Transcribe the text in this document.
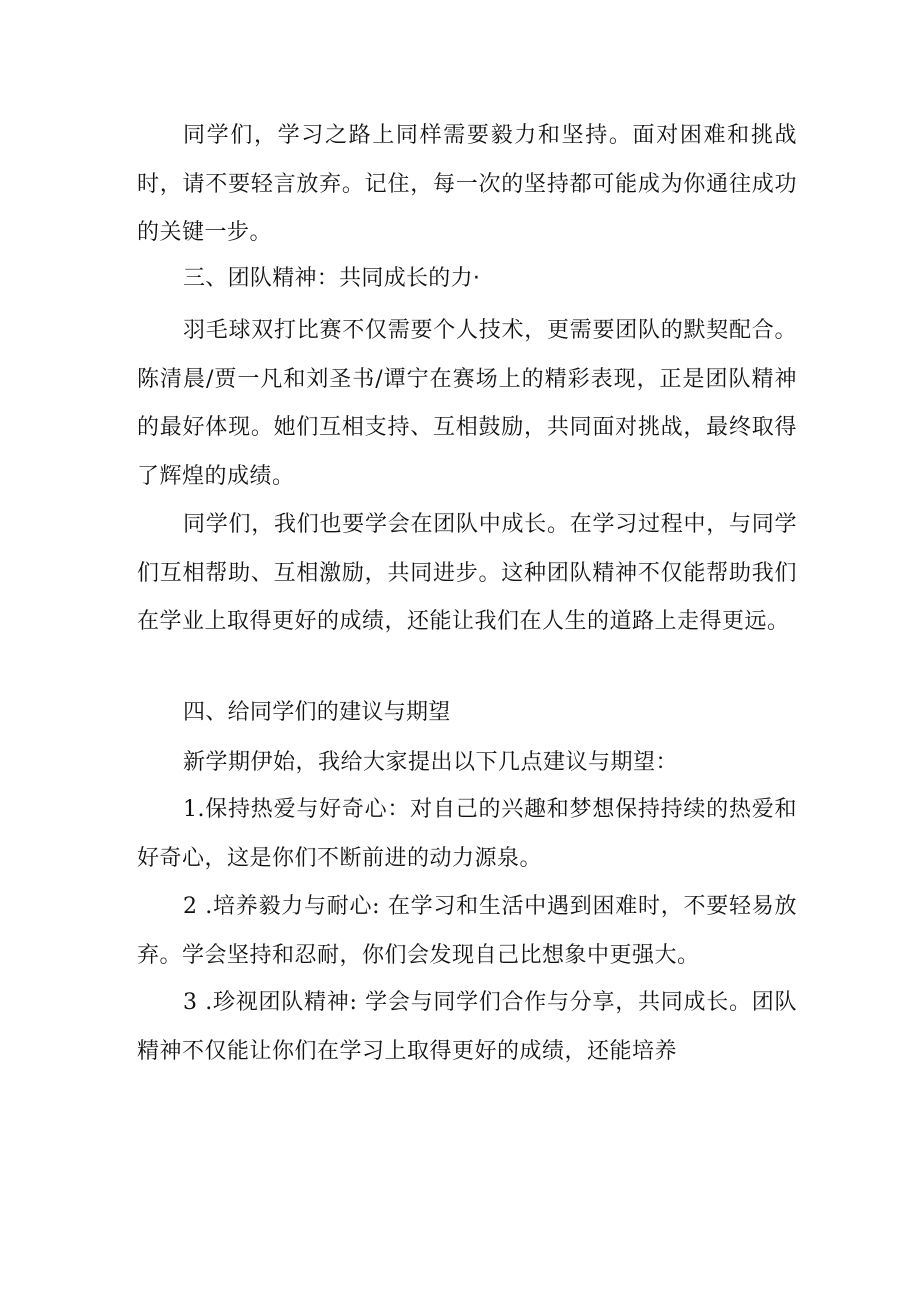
同学们，学习之路上同样需要毅力和坚持。面对困难和挑战时，请不要轻言放弃。记住，每一次的坚持都可能成为你通往成功的关键一步。

三、团队精神：共同成长的力·

羽毛球双打比赛不仅需要个人技术，更需要团队的默契配合。陈清晨/贾一凡和刘圣书/谭宁在赛场上的精彩表现，正是团队精神的最好体现。她们互相支持、互相鼓励，共同面对挑战，最终取得了辉煌的成绩。

同学们，我们也要学会在团队中成长。在学习过程中，与同学们互相帮助、互相激励，共同进步。这种团队精神不仅能帮助我们在学业上取得更好的成绩，还能让我们在人生的道路上走得更远。

四、给同学们的建议与期望

新学期伊始，我给大家提出以下几点建议与期望：

1.保持热爱与好奇心：对自己的兴趣和梦想保持持续的热爱和好奇心，这是你们不断前进的动力源泉。

2 .培养毅力与耐心: 在学习和生活中遇到困难时，不要轻易放弃。学会坚持和忍耐，你们会发现自己比想象中更强大。

3 .珍视团队精神: 学会与同学们合作与分享，共同成长。团队精神不仅能让你们在学习上取得更好的成绩，还能培养
